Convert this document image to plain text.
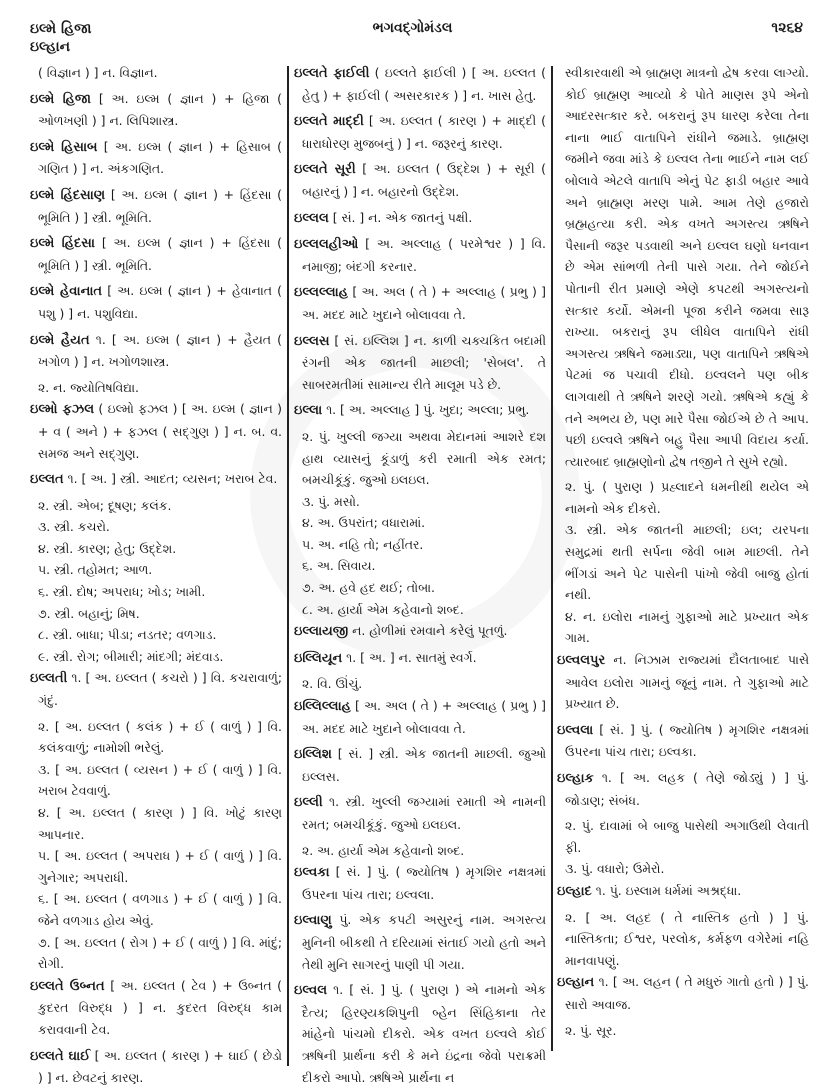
ઇલ્મે હિજા
ઇલ્હાન
ભગવદ્ગોમંડલ	૧૨૬૪
( વિજ્ઞાન ) ] ન. વિજ્ઞાન.
ઇલ્મે હિજા [ અ. ઇલ્મ ( જ્ઞાન ) + હિજા ( ઓળખણી ) ] ન. લિપિશાસ્ત્ર.
ઇલ્મે હિસાબ [ અ. ઇલ્મ ( જ્ઞાન ) + હિસાબ ( ગણિત ) ] ન. અંકગણિત.
ઇલ્મે હિંદસાણ [ અ. ઇલ્મ ( જ્ઞાન ) + હિંદસા ( ભૂમિતિ ) ] સ્ત્રી. ભૂમિતિ.
ઇલ્મે હિંદસા [ અ. ઇલ્મ ( જ્ઞાન ) + હિંદસા ( ભૂમિતિ ) ] સ્ત્રી. ભૂમિતિ.
ઇલ્મે હેવાનાત [ અ. ઇલ્મ ( જ્ઞાન ) + હેવાનાત ( પશુ ) ] ન. પશુવિદ્યા.
ઇલ્મે હૈયત ૧. [ અ. ઇલ્મ ( જ્ઞાન ) + હૈયત ( ખગોળ ) ] ન. ખગોળશાસ્ત્ર.
૨. ન. જ્યોતિષવિદ્યા.
ઇલ્મો ફઝલ ( ઇલ્મો ફઝલ ) [ અ. ઇલ્મ ( જ્ઞાન ) + વ ( અને ) + ફઝલ ( સદ્‌ગુણ ) ] ન. બ. વ. સમજ અને સદ્‌ગુણ.
ઇલ્લત ૧. [ અ. ] સ્ત્રી. આદત; વ્યસન; ખરાબ ટેવ.
૨. સ્ત્રી. એબ; દૂષણ; કલંક.
૩. સ્ત્રી. કચરો.
૪. સ્ત્રી. કારણ; હેતુ; ઉદ્દેશ.
૫. સ્ત્રી. તહોમત; આળ.
૬. સ્ત્રી. દોષ; અપરાધ; ખોડ; ખામી.
૭. સ્ત્રી. બહાનું; મિષ.
૮. સ્ત્રી. બાધા; પીડા; નડતર; વળગાડ.
૯. સ્ત્રી. રોગ; બીમારી; માંદગી; મંદવાડ.
ઇલ્લતી ૧. [ અ. ઇલ્લત ( કચરો ) ] વિ. કચરાવાળું; ગંદું.
૨. [ અ. ઇલ્લત ( કલંક ) + ઈ ( વાળું ) ] વિ. કલંકવાળું; નામોશી ભરેલું.
૩. [ અ. ઇલ્લત ( વ્યસન ) + ઈ ( વાળું ) ] વિ. ખરાબ ટેવવાળું.
૪. [ અ. ઇલ્લત ( કારણ ) ] વિ. ખોટું કારણ આપનાર.
૫. [ અ. ઇલ્લત ( અપરાધ ) + ઈ ( વાળું ) ] વિ. ગુનેગાર; અપરાધી.
૬. [ અ. ઇલ્લત ( વળગાડ ) + ઈ ( વાળું ) ] વિ. જેને વળગાડ હોય એવું.
૭. [ અ. ઇલ્લત ( રોગ ) + ઈ ( વાળું ) ] વિ. માંદું; રોગી.
ઇલ્લતે ઉબ્નત [ અ. ઇલ્લત ( ટેવ ) + ઉબ્નત ( કુદરત વિરુદ્ધ ) ] ન. કુદરત વિરુદ્ધ કામ કરાવવાની ટેવ.
ઇલ્લતે ઘાઈ [ અ. ઇલ્લત ( કારણ ) + ઘાઈ ( છેડો ) ] ન. છેવટનું કારણ.
ઇલ્લતે ફાઈલી ( ઇલ્લતે ફાઈલી ) [ અ. ઇલ્લત ( હેતુ ) + ફાઈલી ( અસરકારક ) ] ન. ખાસ હેતુ.
ઇલ્લતે માદ્દી [ અ. ઇલ્લત ( કારણ ) + માદ્દી ( ધારાધોરણ મુજબનું ) ] ન. જરૂરનું કારણ.
ઇલ્લતે સૂરી [ અ. ઇલ્લત ( ઉદ્દેશ ) + સૂરી ( બહારનું ) ] ન. બહારનો ઉદ્દેશ.
ઇલ્લલ [ સં. ] ન. એક જાતનું પક્ષી.
ઇલ્લલહીઓ [ અ. અલ્લાહ ( પરમેશ્વર ) ] વિ. નમાજી; બંદગી કરનાર.
ઇલ્લલ્લાહ [ અ. અલ ( તે ) + અલ્લાહ ( પ્રભુ ) ] અ. મદદ માટે ખુદાને બોલાવવા તે.
ઇલ્લસ [ સં. ઇલ્લિશ ] ન. કાળી ચક્ચકિત બદામી રંગની એક જાતની માછલી; 'સેબલ'. તે સાબરમતીમાં સામાન્ય રીતે માલૂમ પડે છે.
ઇલ્લા ૧. [ અ. અલ્લાહ ] પું. ખુદા; અલ્લા; પ્રભુ.
૨. પું. ખુલ્લી જગ્યા અથવા મેદાનમાં આશરે દશ હાથ વ્યાસનું કૂંડાળું કરી રમાતી એક રમત; બમચીકૂંકું. જુઓ ઇલઇલ.
૩. પું. મસો.
૪. અ. ઉપરાંત; વધારામાં.
૫. અ. નહિ તો; નહીંતર.
૬. અ. સિવાય.
૭. અ. હવે હદ થઈ; તોબા.
૮. અ. હાર્યા એમ કહેવાનો શબ્દ.
ઇલ્લાયજી ન. હોળીમાં રમવાને કરેલું પૂતળું.
ઇલ્લિયૂન ૧. [ અ. ] ન. સાતમું સ્વર્ગ.
૨. વિ. ઊંચું.
ઇલ્લિલ્લાહ [ અ. અલ ( તે ) + અલ્લાહ ( પ્રભુ ) ] અ. મદદ માટે ખુદાને બોલાવવા તે.
ઇલ્લિશ [ સં. ] સ્ત્રી. એક જાતની માછલી. જુઓ ઇલ્લસ.
ઇલ્લી ૧. સ્ત્રી. ખુલ્લી જગ્યામાં રમાતી એ નામની રમત; બમચીકૂંકું. જુઓ ઇલઇલ.
૨. અ. હાર્યા એમ કહેવાનો શબ્દ.
ઇલ્વકા [ સં. ] પું. ( જ્યોતિષ ) મૃગશિર નક્ષત્રમાં ઉપરના પાંચ તારા; ઇલ્વલા.
ઇલ્વાણુ પું. એક કપટી અસુરનું નામ. અગસ્ત્ય મુનિની બીકથી તે દરિયામાં સંતાઈ ગયો હતો અને તેથી મુનિ સાગરનું પાણી પી ગયા.
ઇલ્વલ ૧. [ સં. ] પું. ( પુરાણ ) એ નામનો એક દૈત્ય; હિરણ્યકશિપુની બ્હેન સિંહિકાના તેર માંહેનો પાંચમો દીકરો. એક વખત ઇલ્વલે કોઈ ઋષિની પ્રાર્થના કરી કે મને ઇંદ્રના જેવો પરાક્રમી દીકરો આપો. ઋષિએ પ્રાર્થના ન
સ્વીકારવાથી એ બ્રાહ્મણ માત્રનો દ્વેષ કરવા લાગ્યો. કોઈ બ્રાહ્મણ આવ્યો કે પોતે માણસ રૂપે એનો આદરસત્કાર કરે. બકરાનું રૂપ ધારણ કરેલા તેના નાના ભાઈ વાતાપિને રાંધીને જમાડે. બ્રાહ્મણ જમીને જવા માંડે કે ઇલ્વલ તેના ભાઈને નામ લઈ બોલાવે એટલે વાતાપિ એનું પેટ ફાડી બહાર આવે અને બ્રાહ્મણ મરણ પામે. આમ તેણે હજારો બ્રહ્મહત્યા કરી. એક વખતે અગસ્ત્ય ઋષિને પૈસાની જરૂર પડવાથી અને ઇલ્વલ ઘણો ધનવાન છે એમ સાંભળી તેની પાસે ગયા. તેને જોઈને પોતાની રીત પ્રમાણે એણે કપટથી અગસ્ત્યનો સત્કાર કર્યો. એમની પૂજા કરીને જમવા સારૂ રાખ્યા. બકરાનું રૂપ લીધેલ વાતાપિને રાંધી અગસ્ત્ય ઋષિને જમાડ્યા, પણ વાતાપિને ઋષિએ પેટમાં જ પચાવી દીધો. ઇલ્વલને પણ બીક લાગવાથી તે ઋષિને શરણે ગયો. ઋષિએ કહ્યું કે તને અભય છે, પણ મારે પૈસા જોઈએ છે તે આપ. પછી ઇલ્વલે ઋષિને બહુ પૈસા આપી વિદાય કર્યા. ત્યારબાદ બ્રાહ્મણોનો દ્વેષ તજીને તે સુખે રહ્યો.
૨. પું. ( પુરાણ ) પ્રહ્લાદને ધમનીથી થયેલ એ નામનો એક દીકરો.
૩. સ્ત્રી. એક જાતની માછલી; ઇલ; યરપના સમુદ્રમાં થતી સર્પના જેવી બામ માછલી. તેને ભીંગડાં અને પેટ પાસેની પાંખો જેવી બાજુ હોતાં નથી.
૪. ન. ઇલોરા નામનું ગુફાઓ માટે પ્રખ્યાત એક ગામ.
ઇલ્વલપુર ન. નિઝામ રાજ્યમાં દૌલતાબાદ પાસે આવેલ ઇલોરા ગામનું જૂનું નામ. તે ગુફાઓ માટે પ્રખ્યાત છે.
ઇલ્વલા [ સં. ] પું. ( જ્યોતિષ ) મૃગશિર નક્ષત્રમાં ઉપરના પાંચ તારા; ઇલ્વકા.
ઇલ્હાક ૧. [ અ. લહક ( તેણે જોડ્યું ) ] પું. જોડાણ; સંબંધ.
૨. પું. દાવામાં બે બાજુ પાસેથી અગાઉથી લેવાતી ફી.
૩. પું. વધારો; ઉમેરો.
ઇલ્હાદ ૧. પું. ઇસ્લામ ધર્મમાં અશ્રદ્ધા.
૨. [ અ. લહદ ( તે નાસ્તિક હતો ) ] પું. નાસ્તિકતા; ઈશ્વર, પરલોક, કર્મફળ વગેરેમાં નહિ માનવાપણું.
ઇલ્હાન ૧. [ અ. લહન ( તે મધુરું ગાતો હતો ) ] પું. સારો અવાજ.
૨. પું. સૂર.
